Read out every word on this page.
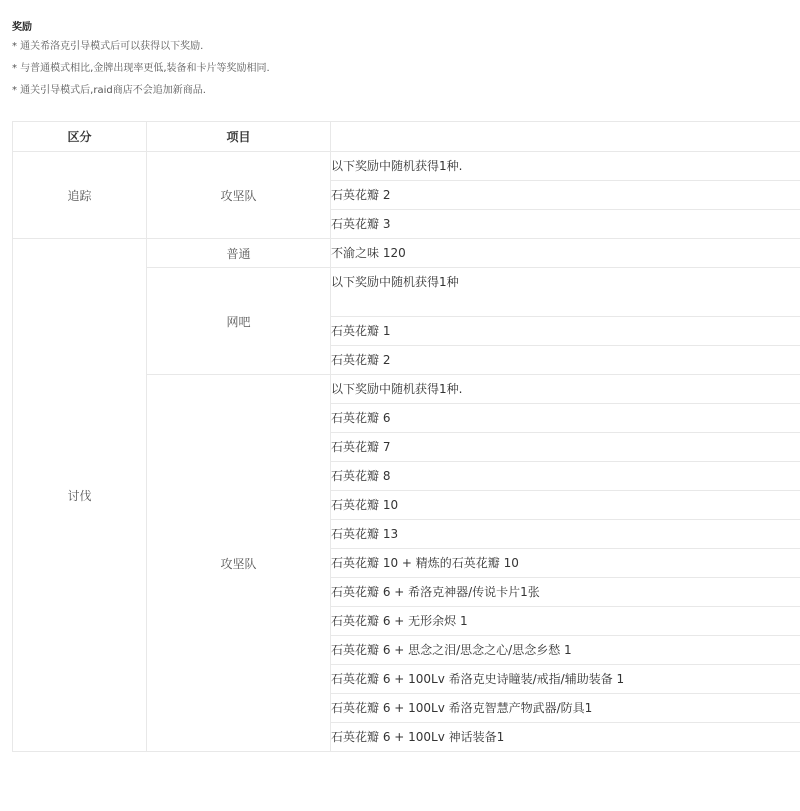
奖励
* 通关希洛克引导模式后可以获得以下奖励.
* 与普通模式相比,金牌出现率更低,装备和卡片等奖励相同.
* 通关引导模式后,raid商店不会追加新商品.
区分	项目	
追踪	攻坚队	以下奖励中随机获得1种.
		石英花瓣 2
		石英花瓣 3
讨伐	普通	不渝之味 120
	网吧	以下奖励中随机获得1种
		石英花瓣 1
		石英花瓣 2
	攻坚队	以下奖励中随机获得1种.
		石英花瓣 6
		石英花瓣 7
		石英花瓣 8
		石英花瓣 10
		石英花瓣 13
		石英花瓣 10 + 精炼的石英花瓣 10
		石英花瓣 6 + 希洛克神器/传说卡片1张
		石英花瓣 6 + 无形余烬 1
		石英花瓣 6 + 思念之泪/思念之心/思念乡愁 1
		石英花瓣 6 + 100Lv 希洛克史诗瞳装/戒指/辅助装备 1
		石英花瓣 6 + 100Lv 希洛克智慧产物武器/防具1
		石英花瓣 6 + 100Lv 神话装备1
